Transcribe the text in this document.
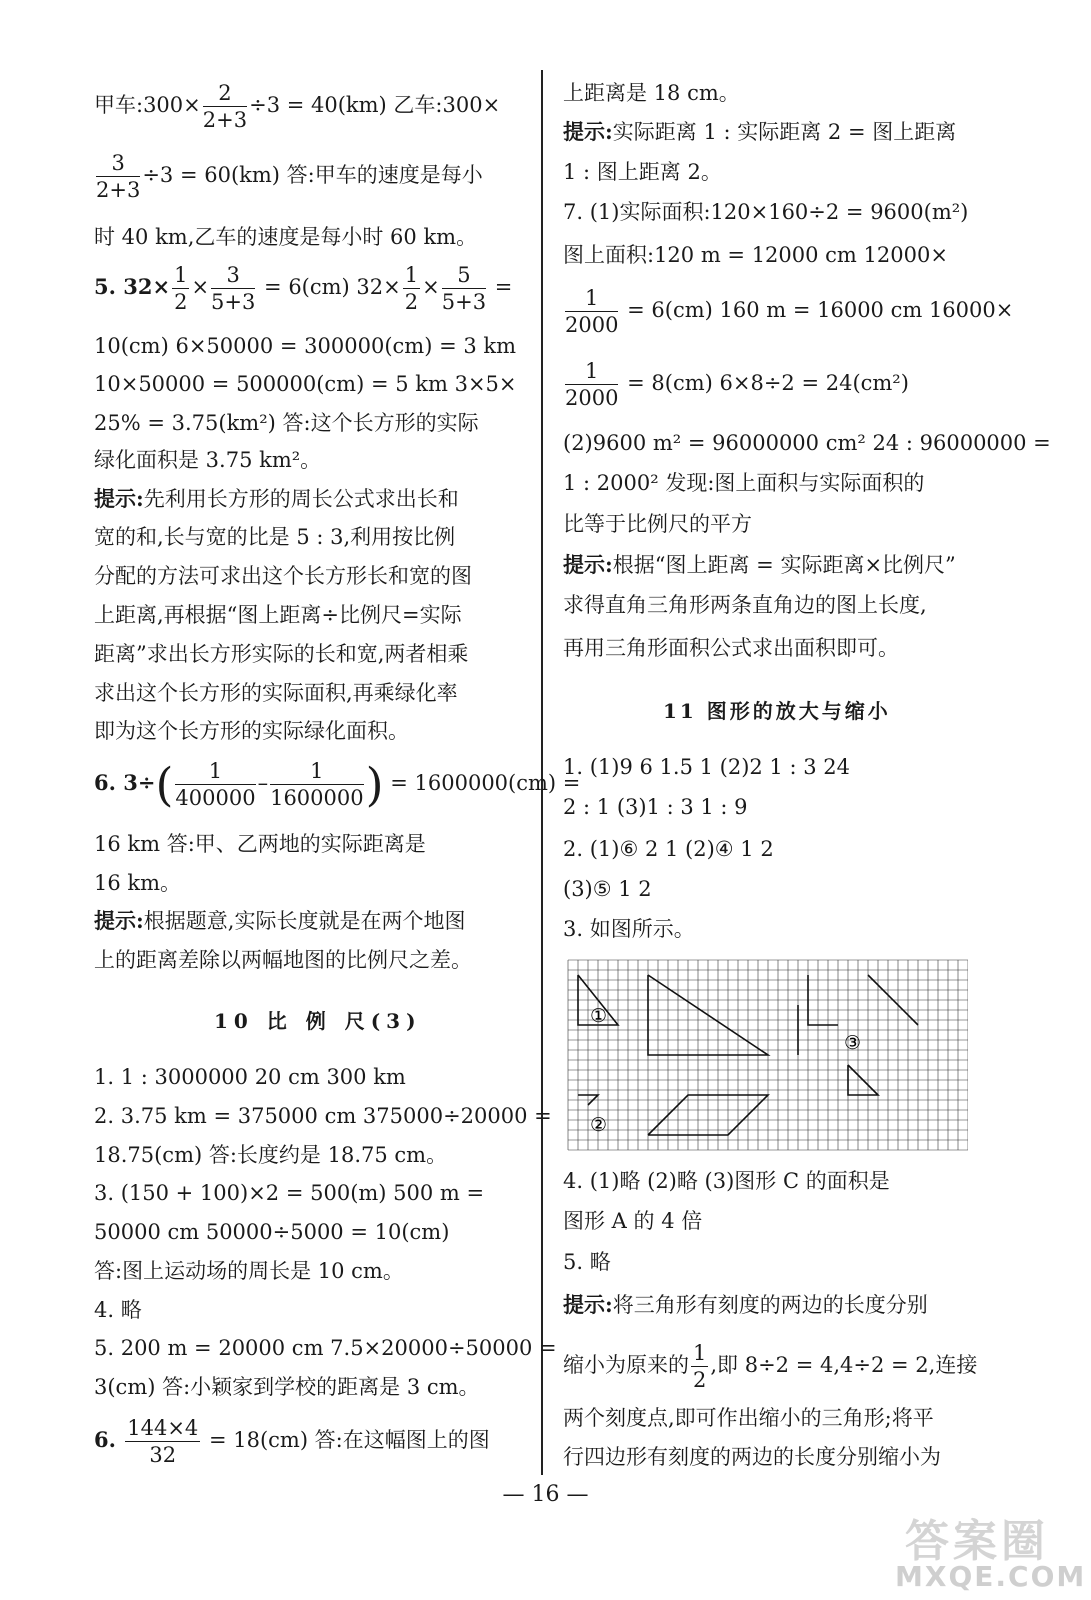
甲车:300× $\frac{2}{2+3} \div 3 = 40(km)$ 乙车:300×
$\frac{3}{2+3} \div 3 = 60(km)$ 答:甲车的速度是每小
时 40 km,乙车的速度是每小时 60 km。
5. $32\times \frac{1}{2} \times \frac{3}{5+3} = 6(cm)$ $32\times \frac{1}{2} \times \frac{5}{5+3}$ =
10(cm) 6×50000 = 300000(cm) = 3 km
10×50000 = 500000(cm) = 5 km 3×5×
25% = 3.75(km²) 答:这个长方形的实际
绿化面积是 3.75 km²。
提示:先利用长方形的周长公式求出长和
宽的和,长与宽的比是 5 : 3,利用按比例
分配的方法可求出这个长方形长和宽的图
上距离,再根据“图上距离÷比例尺=实际
距离”求出长方形实际的长和宽,两者相乘
求出这个长方形的实际面积,再乘绿化率
即为这个长方形的实际绿化面积。
6. $3\div( \frac{1}{400000} - \frac{1}{1600000}$ ) = 1600000(cm) =
16 km 答:甲、乙两地的实际距离是
16 km。
提示:根据题意,实际长度就是在两个地图
上的距离差除以两幅地图的比例尺之差。
10 比 例 尺(3)
1. 1 : 3000000 20 cm 300 km
2. 3.75 km = 375000 cm 375000÷20000 =
18.75(cm) 答:长度约是 18.75 cm。
3. (150 + 100)×2 = 500(m) 500 m =
50000 cm 50000÷5000 = 10(cm)
答:图上运动场的周长是 10 cm。
4. 略
5. 200 m = 20000 cm 7.5×20000÷50000 =
3(cm) 答:小颖家到学校的距离是 3 cm。
6. $\frac{144\times 4}{32} = 18(cm)$ 答:在这幅图上的图
上距离是 18 cm。
提示:实际距离 1 : 实际距离 2 = 图上距离
1 : 图上距离 2。
7. (1)实际面积:120×160÷2 = 9600(m²)
图上面积:120 m = 12000 cm 12000×
$\frac{1}{2000} = 6(cm)$ 160 m = 16000 cm 16000×
$\frac{1}{2000} = 8(cm) 6\times 8\div 2 = 24(cm^2)$
(2)9600 m² = 96000000 cm² 24 : 96000000 =
1 : 2000² 发现:图上面积与实际面积的
比等于比例尺的平方
提示:根据“图上距离 = 实际距离×比例尺”
求得直角三角形两条直角边的图上长度,
再用三角形面积公式求出面积即可。
11 图形的放大与缩小
1. (1)9 6 1.5 1 (2)2 1 : 3 24
2 : 1 (3)1 : 3 1 : 9
2. (1)⑥ 2 1 (2)④ 1 2
(3)⑤ 1 2
3. 如图所示。
4. (1)略 (2)略 (3)图形 C 的面积是
图形 A 的 4 倍
5. 略
提示:将三角形有刻度的两边的长度分别
缩小为原来的 $\frac{1}{2}$ ,即 8÷2 = 4,4÷2 = 2,连接
两个刻度点,即可作出缩小的三角形;将平
行四边形有刻度的两边的长度分别缩小为
①
②
③
— 16 —
答案圈
MXQE.COM
